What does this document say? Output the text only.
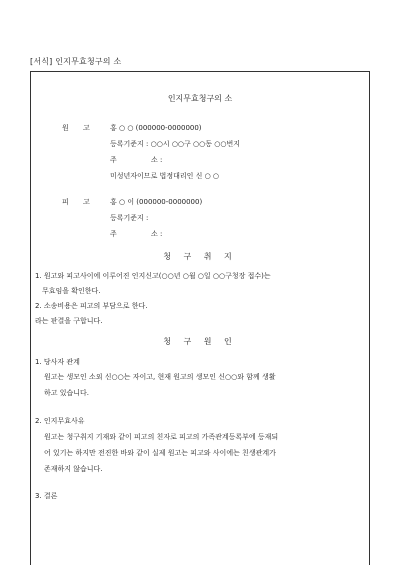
[서식] 인지무효청구의 소
인지무효청구의 소
원 고 홍 ○ ○ (000000-0000000)
등록기준지 : ○○시 ○○구 ○○동 ○○번지
주	소 :
미성년자이므로 법정대리인 신 ○ ○
피 고 홍 ○ 이 (000000-0000000)
등록기준지 :
주	소 :
청 구 취 지
1. 원고와 피고사이에 이루어진 인지신고(○○년 ○월 ○일 ○○구청장 접수)는
무효임을 확인한다.
2. 소송비용은 피고의 부담으로 한다.
라는 판결을 구합니다.
청 구 원 인
1. 당사자 관계
원고는 생모인 소외 신○○는 자이고, 현재 원고의 생모인 신○○와 함께 생활
하고 있습니다.
2. 인지무효사유
원고는 청구취지 기재와 같이 피고의 친자로 피고의 가족관계등록부에 등재되
어 있기는 하지만 전진한 바와 같이 실제 원고는 피고와 사이에는 친생관계가
존재하지 않습니다.
3. 결론
